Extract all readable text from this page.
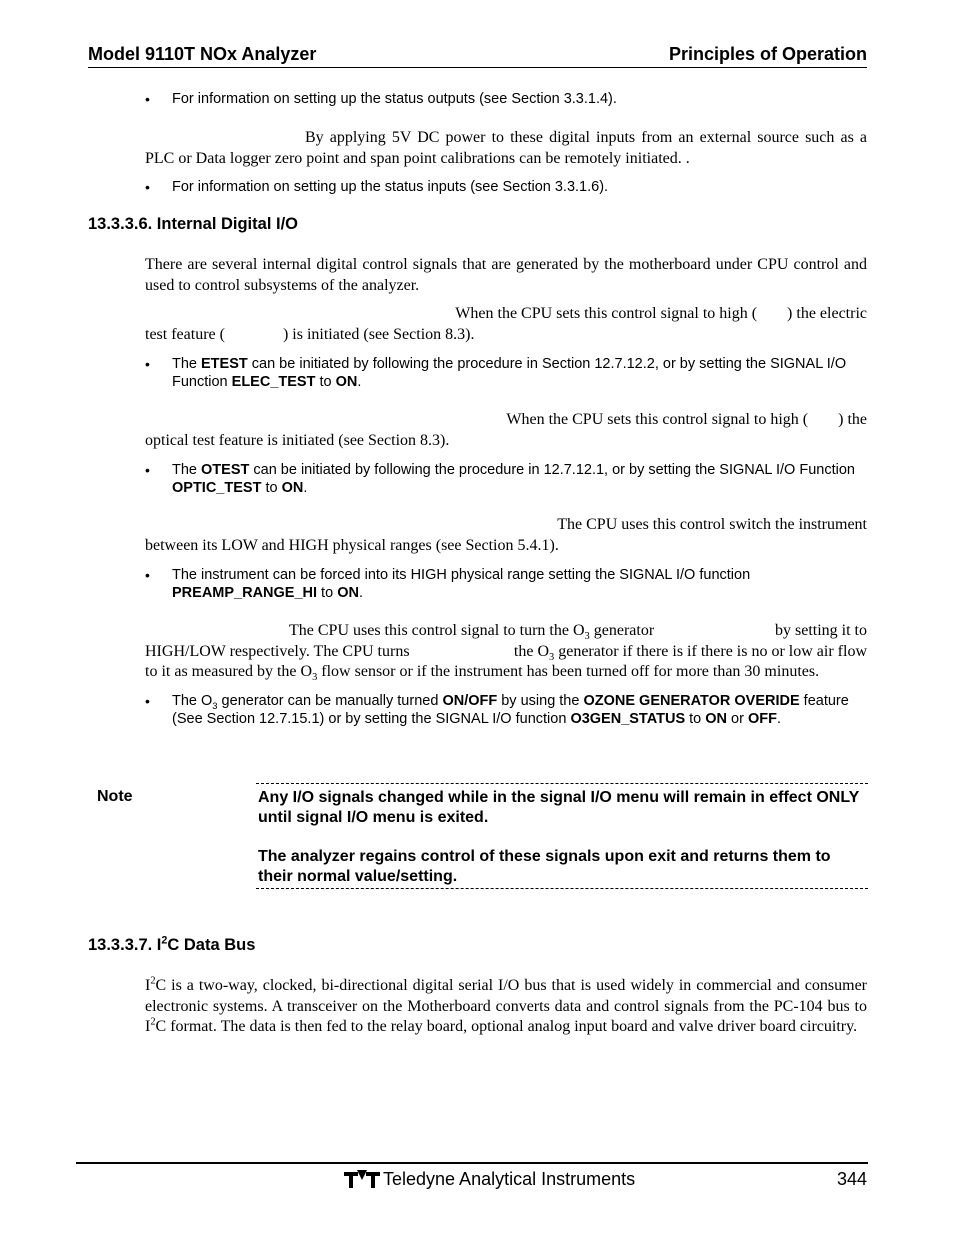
Model 9110T NOx Analyzer	Principles of Operation
• For information on setting up the status outputs (see Section 3.3.1.4).
By applying 5V DC power to these digital inputs from an external source such as a PLC or Data logger zero point and span point calibrations can be remotely initiated. .
• For information on setting up the status inputs (see Section 3.3.1.6).
13.3.3.6. Internal Digital I/O
There are several internal digital control signals that are generated by the motherboard under CPU control and used to control subsystems of the analyzer.
When the CPU sets this control signal to high ( ) the electric
test feature (	) is initiated (see Section 8.3).
• The ETEST can be initiated by following the procedure in Section 12.7.12.2, or by setting the SIGNAL I/O Function ELEC_TEST to ON.
When the CPU sets this control signal to high ( ) the
optical test feature is initiated (see Section 8.3).
• The OTEST can be initiated by following the procedure in 12.7.12.1, or by setting the SIGNAL I/O Function OPTIC_TEST to ON.
The CPU uses this control switch the instrument
between its LOW and HIGH physical ranges (see Section 5.4.1).
• The instrument can be forced into its HIGH physical range setting the SIGNAL I/O function PREAMP_RANGE_HI to ON.
The CPU uses this control signal to turn the $O_3$ generator	by setting it to
HIGH/LOW respectively. The CPU turns	the $O_3$ generator if there is if there is no or low air flow
to it as measured by the $O_3$ flow sensor or if the instrument has been turned off for more than 30 minutes.
• The $O_3$ generator can be manually turned ON/OFF by using the OZONE GENERATOR OVERIDE feature (See Section 12.7.15.1) or by setting the SIGNAL I/O function O3GEN_STATUS to ON or OFF.
Note	Any I/O signals changed while in the signal I/O menu will remain in effect ONLY until signal I/O menu is exited.
The analyzer regains control of these signals upon exit and returns them to their normal value/setting.
13.3.3.7. $I^2C$ Data Bus
$I^2C$ is a two-way, clocked, bi-directional digital serial I/O bus that is used widely in commercial and consumer electronic systems. A transceiver on the Motherboard converts data and control signals from the PC-104 bus to $I^2C$ format. The data is then fed to the relay board, optional analog input board and valve driver board circuitry.
Teledyne Analytical Instruments	344
